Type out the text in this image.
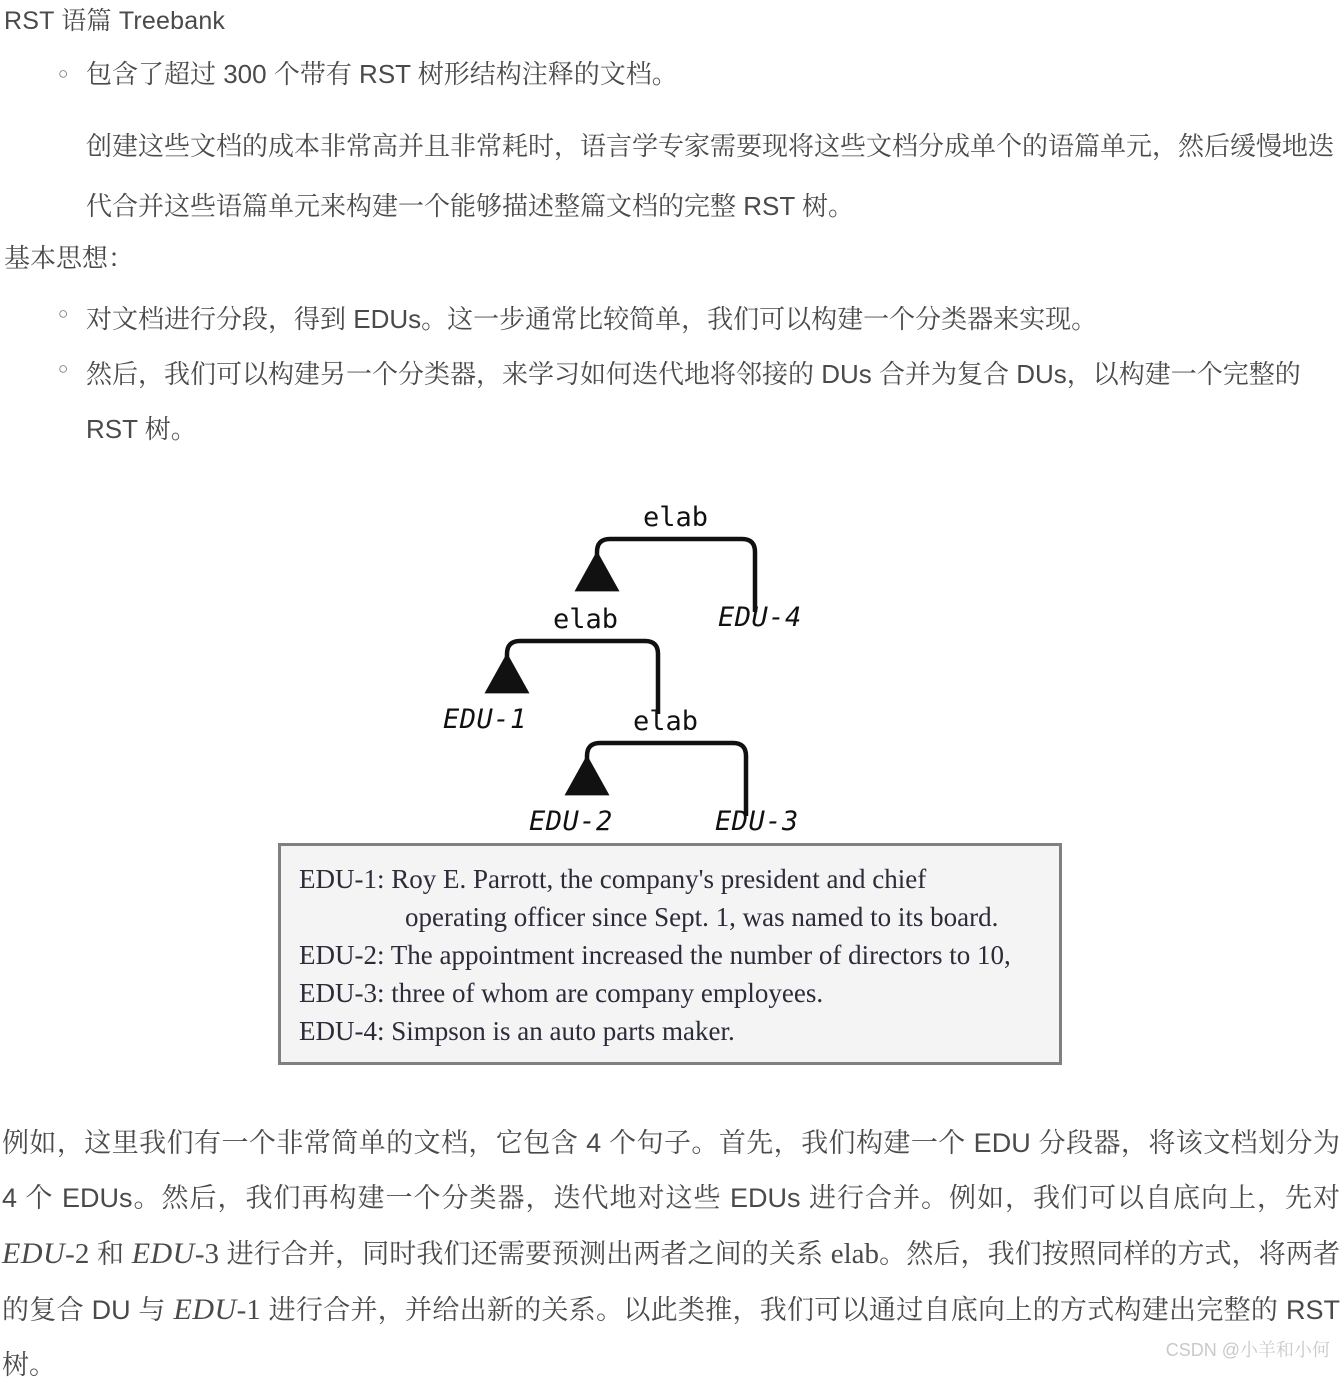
RST 语篇 Treebank
○ 包含了超过 300 个带有 RST 树形结构注释的文档。
创建这些文档的成本非常高并且非常耗时，语言学专家需要现将这些文档分成单个的语篇单元，然后缓慢地迭代合并这些语篇单元来构建一个能够描述整篇文档的完整 RST 树。
基本思想：
○ 对文档进行分段，得到 EDUs。这一步通常比较简单，我们可以构建一个分类器来实现。
○ 然后，我们可以构建另一个分类器，来学习如何迭代地将邻接的 DUs 合并为复合 DUs，以构建一个完整的 RST 树。
elab
elab	EDU-4
EDU-1	elab
EDU-2	EDU-3
EDU-1: Roy E. Parrott, the company's president and chief
operating officer since Sept. 1, was named to its board.
EDU-2: The appointment increased the number of directors to 10,
EDU-3: three of whom are company employees.
EDU-4: Simpson is an auto parts maker.
例如，这里我们有一个非常简单的文档，它包含 4 个句子。首先，我们构建一个 EDU 分段器，将该文档划分为 4 个 EDUs。然后，我们再构建一个分类器，迭代地对这些 EDUs 进行合并。例如，我们可以自底向上，先对 EDU-2 和 EDU-3 进行合并，同时我们还需要预测出两者之间的关系 elab。然后，我们按照同样的方式，将两者的复合 DU 与 EDU-1 进行合并，并给出新的关系。以此类推，我们可以通过自底向上的方式构建出完整的 RST 树。	CSDN @小羊和小何
